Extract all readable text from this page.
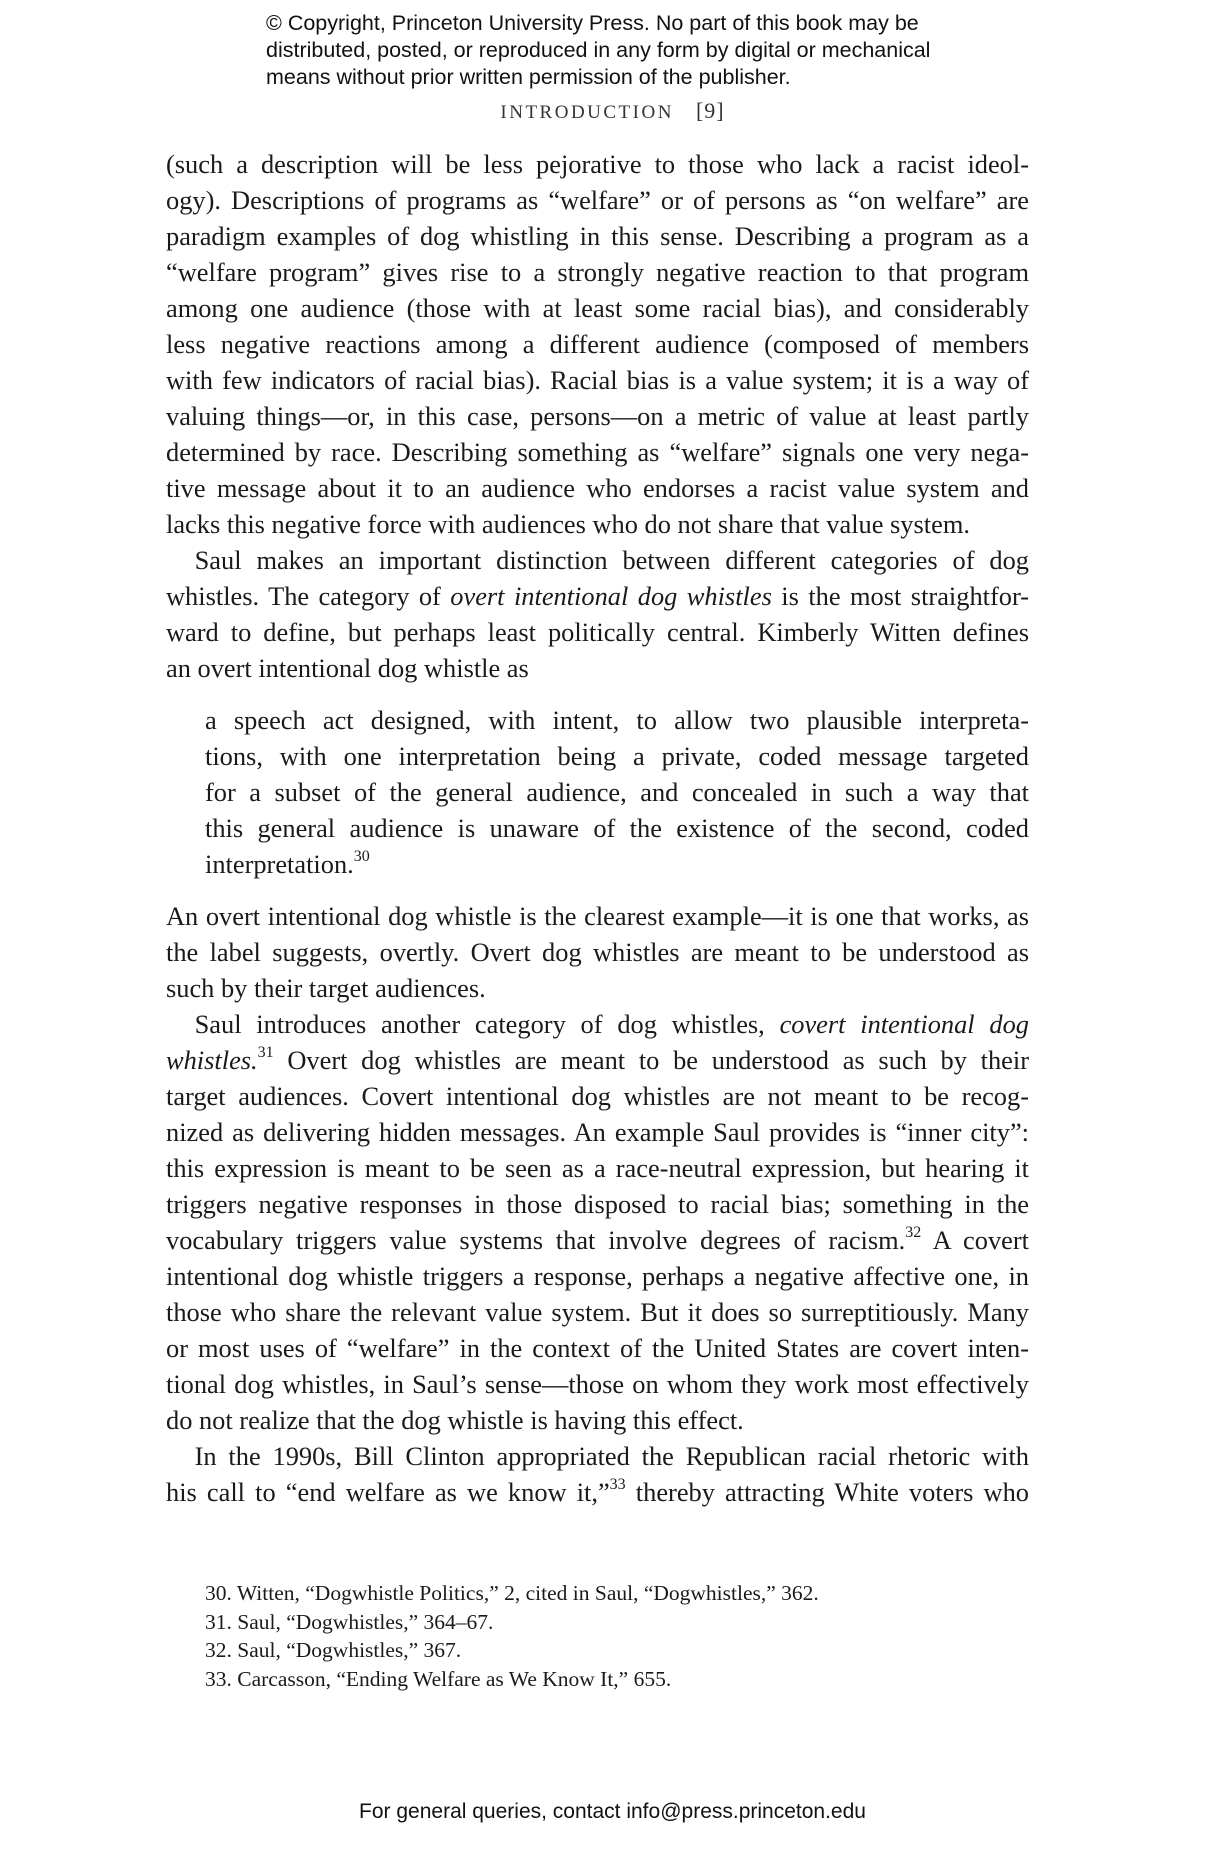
© Copyright, Princeton University Press. No part of this book may be
distributed, posted, or reproduced in any form by digital or mechanical
means without prior written permission of the publisher.
INTRODUCTION [9]
(such a description will be less pejorative to those who lack a racist ideol-
ogy). Descriptions of programs as “welfare” or of persons as “on welfare” are
paradigm examples of dog whistling in this sense. Describing a program as a
“welfare program” gives rise to a strongly negative reaction to that program
among one audience (those with at least some racial bias), and considerably
less negative reactions among a different audience (composed of members
with few indicators of racial bias). Racial bias is a value system; it is a way of
valuing things—or, in this case, persons—on a metric of value at least partly
determined by race. Describing something as “welfare” signals one very nega-
tive message about it to an audience who endorses a racist value system and
lacks this negative force with audiences who do not share that value system.
  Saul makes an important distinction between different categories of dog
whistles. The category of overt intentional dog whistles is the most straightfor-
ward to define, but perhaps least politically central. Kimberly Witten defines
an overt intentional dog whistle as
a speech act designed, with intent, to allow two plausible interpreta-
tions, with one interpretation being a private, coded message targeted
for a subset of the general audience, and concealed in such a way that
this general audience is unaware of the existence of the second, coded
interpretation.$^{30}$
An overt intentional dog whistle is the clearest example—it is one that works, as
the label suggests, overtly. Overt dog whistles are meant to be understood as
such by their target audiences.
  Saul introduces another category of dog whistles, covert intentional dog
whistles.$^{31}$ Overt dog whistles are meant to be understood as such by their
target audiences. Covert intentional dog whistles are not meant to be recog-
nized as delivering hidden messages. An example Saul provides is “inner city”:
this expression is meant to be seen as a race-neutral expression, but hearing it
triggers negative responses in those disposed to racial bias; something in the
vocabulary triggers value systems that involve degrees of racism.$^{32}$ A covert
intentional dog whistle triggers a response, perhaps a negative affective one, in
those who share the relevant value system. But it does so surreptitiously. Many
or most uses of “welfare” in the context of the United States are covert inten-
tional dog whistles, in Saul’s sense—those on whom they work most effectively
do not realize that the dog whistle is having this effect.
  In the 1990s, Bill Clinton appropriated the Republican racial rhetoric with
his call to “end welfare as we know it,”$^{33}$ thereby attracting White voters who
30. Witten, “Dogwhistle Politics,” 2, cited in Saul, “Dogwhistles,” 362.
31. Saul, “Dogwhistles,” 364–67.
32. Saul, “Dogwhistles,” 367.
33. Carcasson, “Ending Welfare as We Know It,” 655.
For general queries, contact info@press.princeton.edu
